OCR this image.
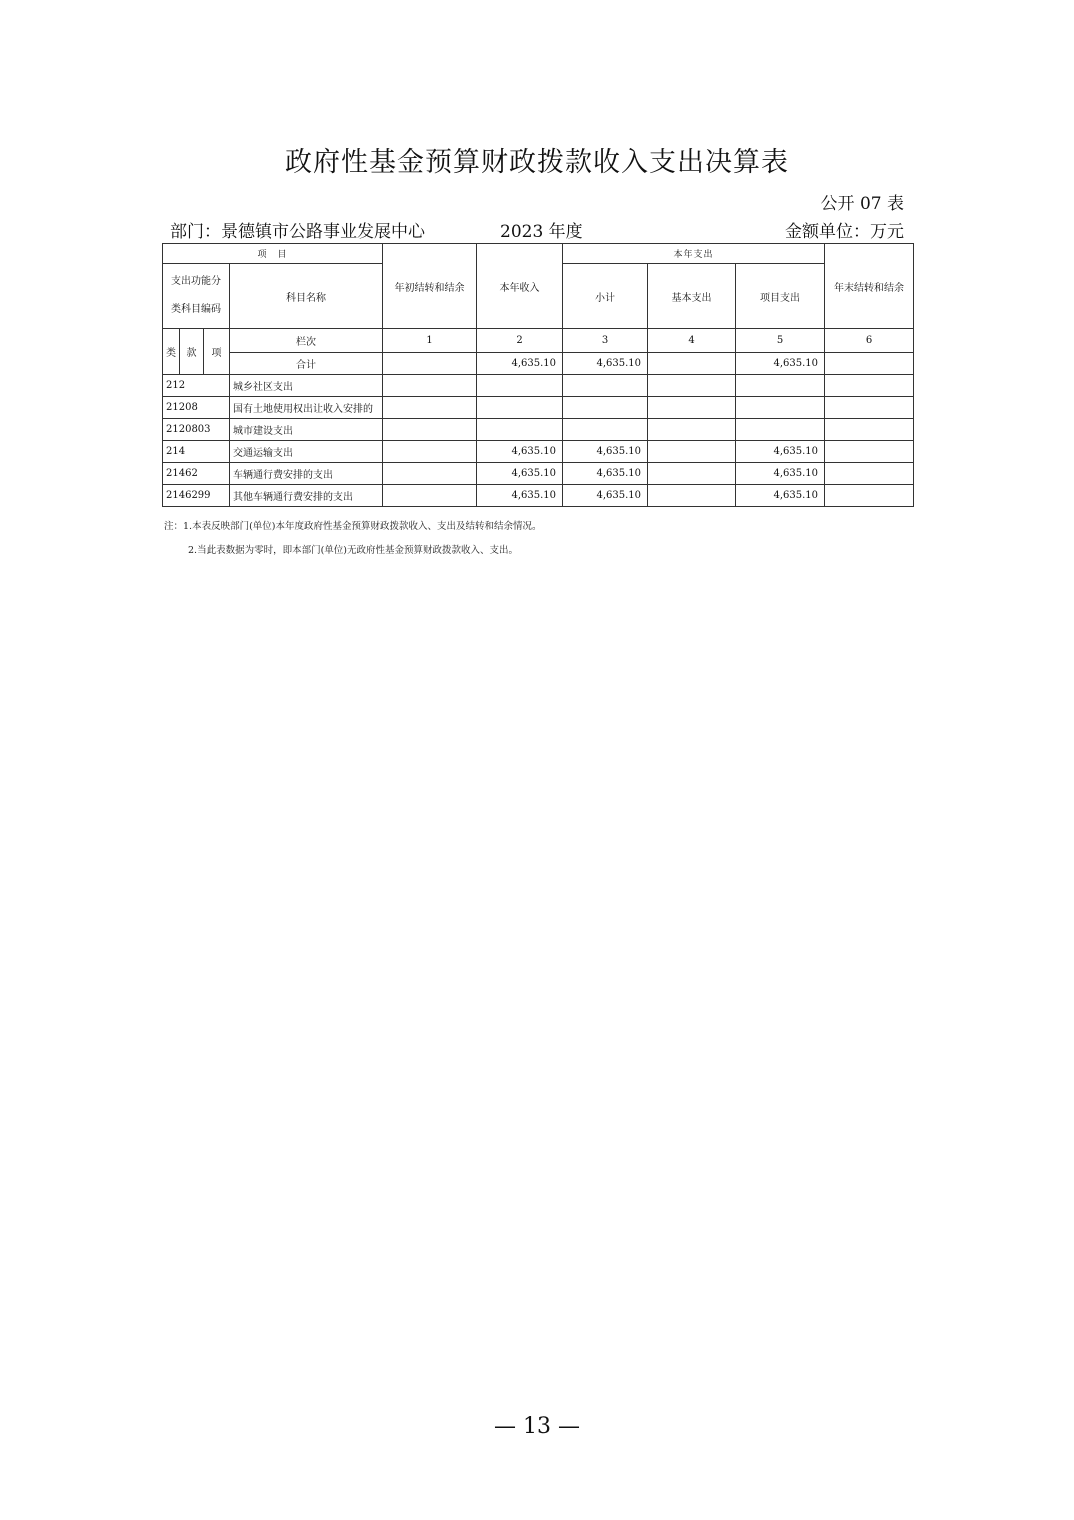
政府性基金预算财政拨款收入支出决算表
公开 07 表
部门：景德镇市公路事业发展中心	2023 年度	金额单位：万元
项　目				年初结转和结余	本年收入	本年支出			年末结转和结余

支出功能分
类科目编码			科目名称			小计	基本支出	项目支出	
类	款	项	栏次	1	2	3	4	5	6
			合计		4,635.10	4,635.10		4,635.10	
212			城乡社区支出						
21208			国有土地使用权出让收入安排的						
2120803			城市建设支出						
214			交通运输支出		4,635.10	4,635.10		4,635.10	
21462			车辆通行费安排的支出		4,635.10	4,635.10		4,635.10	
2146299			其他车辆通行费安排的支出		4,635.10	4,635.10		4,635.10	
注：1.本表反映部门(单位)本年度政府性基金预算财政拨款收入、支出及结转和结余情况。
2.当此表数据为零时，即本部门(单位)无政府性基金预算财政拨款收入、支出。
— 13 —
